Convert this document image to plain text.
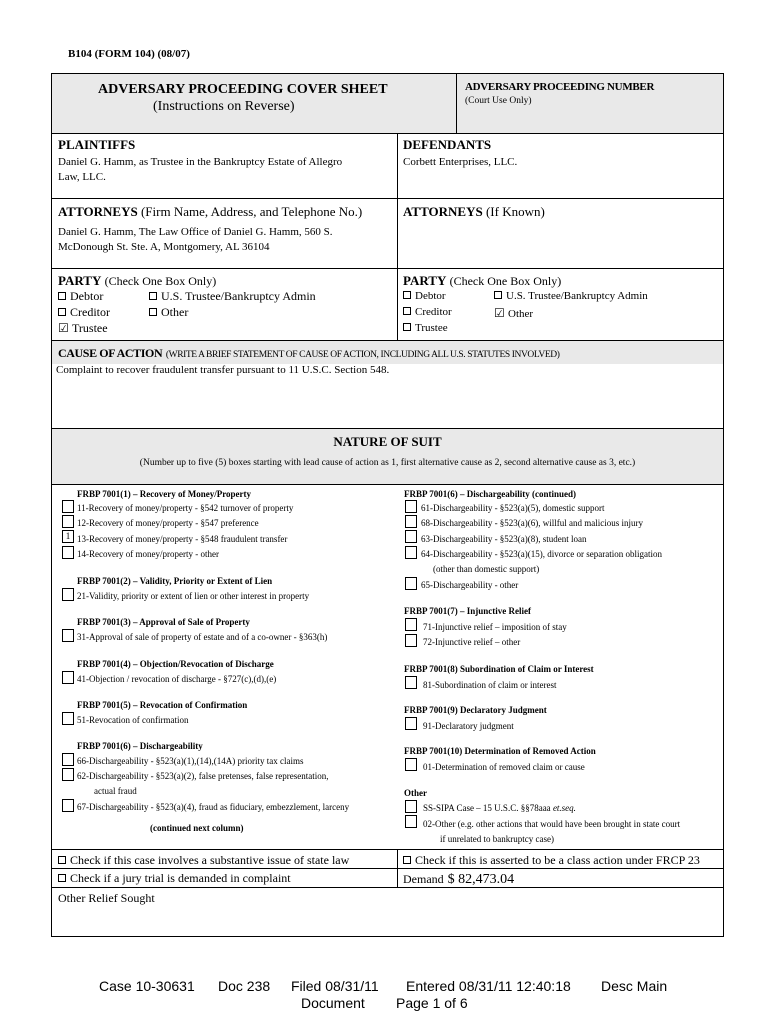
B104 (FORM 104) (08/07)
ADVERSARY PROCEEDING COVER SHEET
(Instructions on Reverse)
ADVERSARY PROCEEDING NUMBER
(Court Use Only)
PLAINTIFFS
Daniel G. Hamm, as Trustee in the Bankruptcy Estate of Allegro
Law, LLC.
DEFENDANTS
Corbett Enterprises, LLC.
ATTORNEYS (Firm Name, Address, and Telephone No.)
Daniel G. Hamm, The Law Office of Daniel G. Hamm, 560 S.
McDonough St. Ste. A, Montgomery, AL 36104
ATTORNEYS (If Known)
PARTY (Check One Box Only)
Debtor
Creditor
☑ Trustee
U.S. Trustee/Bankruptcy Admin
Other
PARTY (Check One Box Only)
Debtor
Creditor
Trustee
U.S. Trustee/Bankruptcy Admin
☑ Other
CAUSE OF ACTION (WRITE A BRIEF STATEMENT OF CAUSE OF ACTION, INCLUDING ALL U.S. STATUTES INVOLVED)
Complaint to recover fraudulent transfer pursuant to 11 U.S.C. Section 548.
NATURE OF SUIT
(Number up to five (5) boxes starting with lead cause of action as 1, first alternative cause as 2, second alternative cause as 3, etc.)
FRBP 7001(1) – Recovery of Money/Property
11-Recovery of money/property - §542 turnover of property
12-Recovery of money/property - §547 preference
1 13-Recovery of money/property - §548 fraudulent transfer
14-Recovery of money/property - other
FRBP 7001(2) – Validity, Priority or Extent of Lien
21-Validity, priority or extent of lien or other interest in property
FRBP 7001(3) – Approval of Sale of Property
31-Approval of sale of property of estate and of a co-owner - §363(h)
FRBP 7001(4) – Objection/Revocation of Discharge
41-Objection / revocation of discharge - §727(c),(d),(e)
FRBP 7001(5) – Revocation of Confirmation
51-Revocation of confirmation
FRBP 7001(6) – Dischargeability
66-Dischargeability - §523(a)(1),(14),(14A) priority tax claims
62-Dischargeability - §523(a)(2), false pretenses, false representation,
actual fraud
67-Dischargeability - §523(a)(4), fraud as fiduciary, embezzlement, larceny
(continued next column)
FRBP 7001(6) – Dischargeability (continued)
61-Dischargeability - §523(a)(5), domestic support
68-Dischargeability - §523(a)(6), willful and malicious injury
63-Dischargeability - §523(a)(8), student loan
64-Dischargeability - §523(a)(15), divorce or separation obligation
(other than domestic support)
65-Dischargeability - other
FRBP 7001(7) – Injunctive Relief
71-Injunctive relief – imposition of stay
72-Injunctive relief – other
FRBP 7001(8) Subordination of Claim or Interest
81-Subordination of claim or interest
FRBP 7001(9) Declaratory Judgment
91-Declaratory judgment
FRBP 7001(10) Determination of Removed Action
01-Determination of removed claim or cause
Other
SS-SIPA Case – 15 U.S.C. §§78aaa et.seq.
02-Other (e.g. other actions that would have been brought in state court
if unrelated to bankruptcy case)
Check if this case involves a substantive issue of state law	Check if this is asserted to be a class action under FRCP 23
Check if a jury trial is demanded in complaint	Demand $ 82,473.04
Other Relief Sought
Case 10-30631 Doc 238 Filed 08/31/11 Entered 08/31/11 12:40:18 Desc Main
Document Page 1 of 6
